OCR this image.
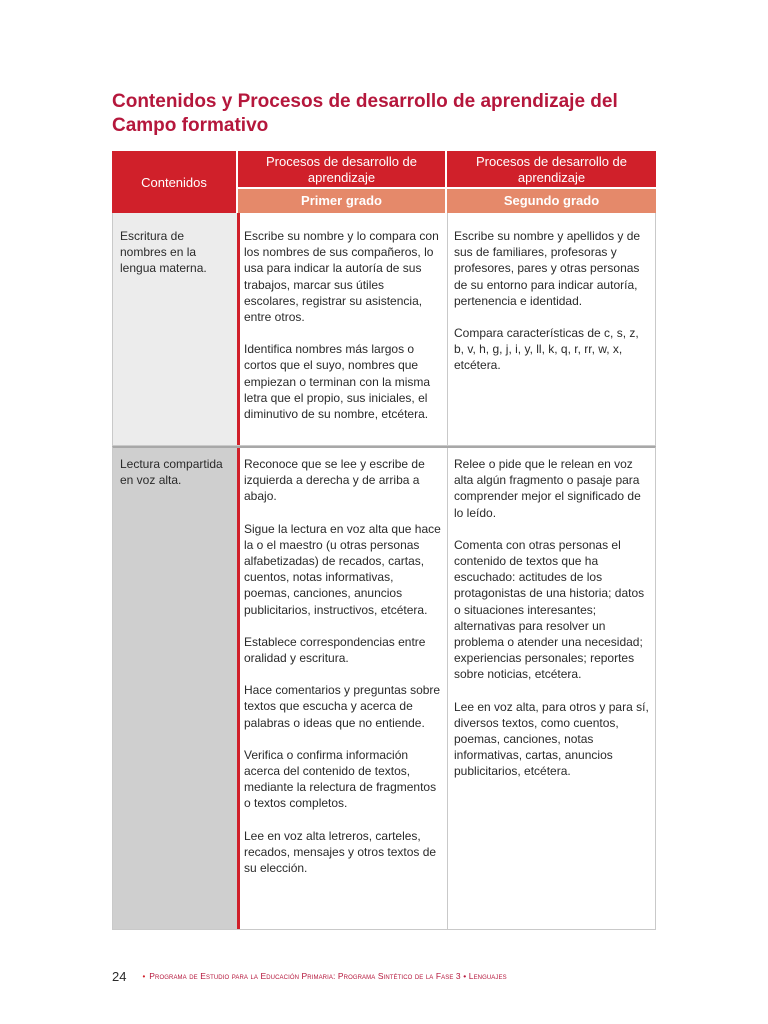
Contenidos y Procesos de desarrollo de aprendizaje del Campo formativo
Contenidos
Procesos de desarrollo de aprendizaje
Procesos de desarrollo de aprendizaje
Primer grado	Segundo grado
Escritura de nombres en la lengua materna.

Escribe su nombre y lo compara con los nombres de sus compañeros, lo usa para indicar la autoría de sus trabajos, marcar sus útiles escolares, registrar su asistencia, entre otros.

Identifica nombres más largos o cortos que el suyo, nombres que empiezan o terminan con la misma letra que el propio, sus iniciales, el diminutivo de su nombre, etcétera.

Escribe su nombre y apellidos y de sus de familiares, profesoras y profesores, pares y otras personas de su entorno para indicar autoría, pertenencia e identidad.

Compara características de c, s, z, b, v, h, g, j, i, y, ll, k, q, r, rr, w, x, etcétera.

Lectura compartida en voz alta.

Reconoce que se lee y escribe de izquierda a derecha y de arriba a abajo.

Sigue la lectura en voz alta que hace la o el maestro (u otras personas alfabetizadas) de recados, cartas, cuentos, notas informativas, poemas, canciones, anuncios publicitarios, instructivos, etcétera.

Establece correspondencias entre oralidad y escritura.

Hace comentarios y preguntas sobre textos que escucha y acerca de palabras o ideas que no entiende.

Verifica o confirma información acerca del contenido de textos, mediante la relectura de fragmentos o textos completos.

Lee en voz alta letreros, carteles, recados, mensajes y otros textos de su elección.

Relee o pide que le relean en voz alta algún fragmento o pasaje para comprender mejor el significado de lo leído.

Comenta con otras personas el contenido de textos que ha escuchado: actitudes de los protagonistas de una historia; datos o situaciones interesantes; alternativas para resolver un problema o atender una necesidad; experiencias personales; reportes sobre noticias, etcétera.

Lee en voz alta, para otros y para sí, diversos textos, como cuentos, poemas, canciones, notas informativas, cartas, anuncios publicitarios, etcétera.

24 • Programa de Estudio para la Educación Primaria: Programa Sintético de la Fase 3 • Lenguajes
